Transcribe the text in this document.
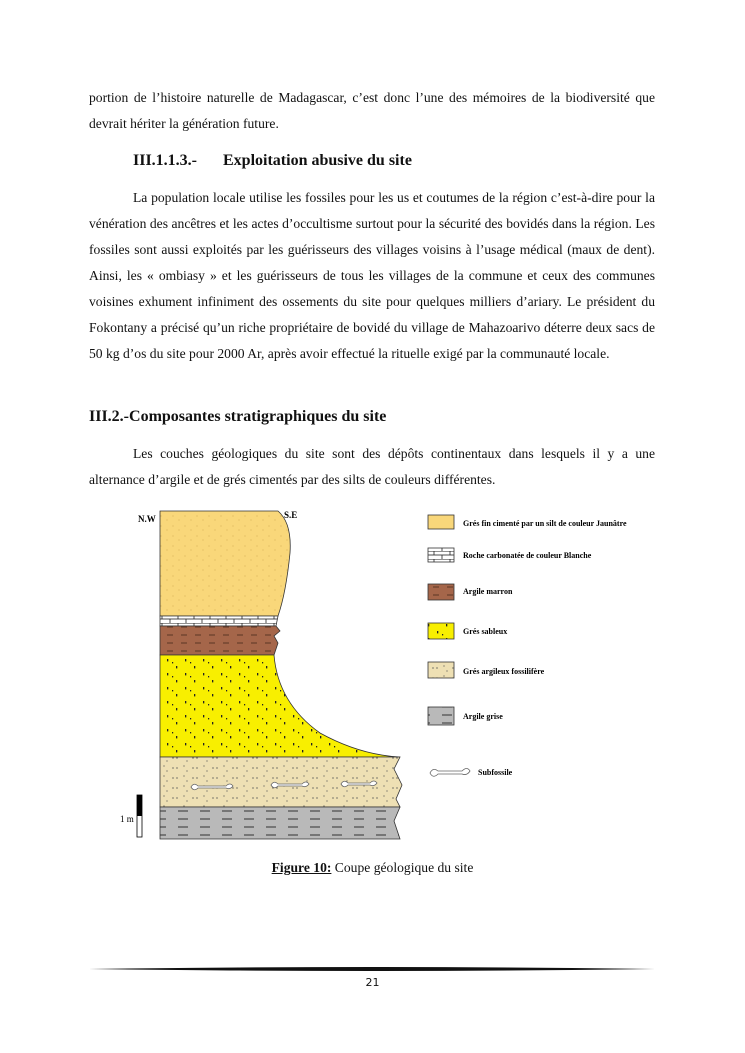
portion de l’histoire naturelle de Madagascar, c’est donc l’une des mémoires de la biodiversité que devrait hériter la génération future.

III.1.1.3.- Exploitation abusive du site

La population locale utilise les fossiles pour les us et coutumes de la région c’est-à-dire pour la vénération des ancêtres et les actes d’occultisme surtout pour la sécurité des bovidés dans la région. Les fossiles sont aussi exploités par les guérisseurs des villages voisins à l’usage médical (maux de dent). Ainsi, les « ombiasy » et les guérisseurs de tous les villages de la commune et ceux des communes voisines exhument infiniment des ossements du site pour quelques milliers d’ariary. Le président du Fokontany a précisé qu’un riche propriétaire de bovidé du village de Mahazoarivo déterre deux sacs de 50 kg d’os du site pour 2000 Ar, après avoir effectué la rituelle exigé par la communauté locale.

III.2.-Composantes stratigraphiques du site

Les couches géologiques du site sont des dépôts continentaux dans lesquels il y a une alternance d’argile et de grés cimentés par des silts de couleurs différentes.

N.W	S.E
1 m
Grés fin cimenté par un silt de couleur Jaunâtre
Roche carbonatée de couleur Blanche
Argile marron
Grés sableux
Grés argileux fossilifère
Argile grise
Subfossile
Figure 10: Coupe géologique du site
21
